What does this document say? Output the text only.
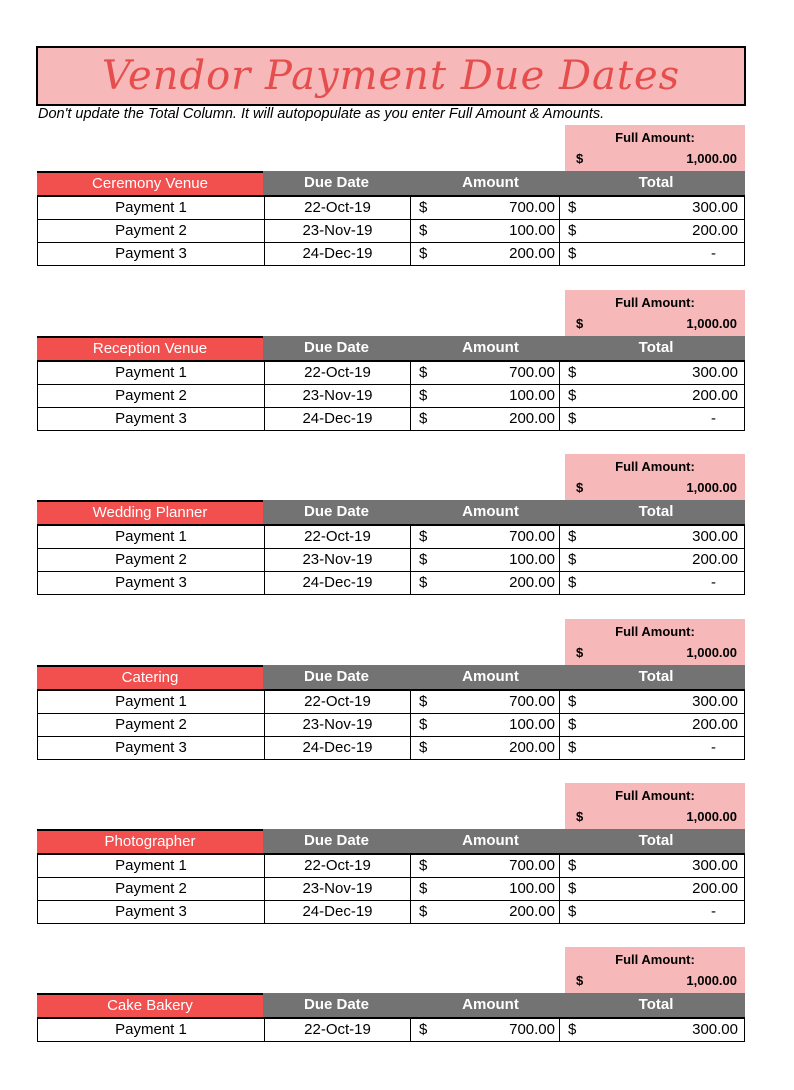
Vendor Payment Due Dates
Don't update the Total Column. It will autopopulate as you enter Full Amount & Amounts.
Full Amount:
$	1,000.00
Ceremony Venue	Due Date	Amount	Total
Payment 1	22-Oct-19	$	700.00 $	300.00
Payment 2	23-Nov-19	$	100.00 $	200.00
Payment 3	24-Dec-19	$	200.00 $	-
Full Amount:
$	1,000.00
Reception Venue	Due Date	Amount	Total
Payment 1	22-Oct-19	$	700.00 $	300.00
Payment 2	23-Nov-19	$	100.00 $	200.00
Payment 3	24-Dec-19	$	200.00 $	-
Full Amount:
$	1,000.00
Wedding Planner	Due Date	Amount	Total
Payment 1	22-Oct-19	$	700.00 $	300.00
Payment 2	23-Nov-19	$	100.00 $	200.00
Payment 3	24-Dec-19	$	200.00 $	-
Full Amount:
$	1,000.00
Catering	Due Date	Amount	Total
Payment 1	22-Oct-19	$	700.00 $	300.00
Payment 2	23-Nov-19	$	100.00 $	200.00
Payment 3	24-Dec-19	$	200.00 $	-
Full Amount:
$	1,000.00
Photographer	Due Date	Amount	Total
Payment 1	22-Oct-19	$	700.00 $	300.00
Payment 2	23-Nov-19	$	100.00 $	200.00
Payment 3	24-Dec-19	$	200.00 $	-
Full Amount:
$	1,000.00
Cake Bakery	Due Date	Amount	Total
Payment 1	22-Oct-19	$	700.00 $	300.00
